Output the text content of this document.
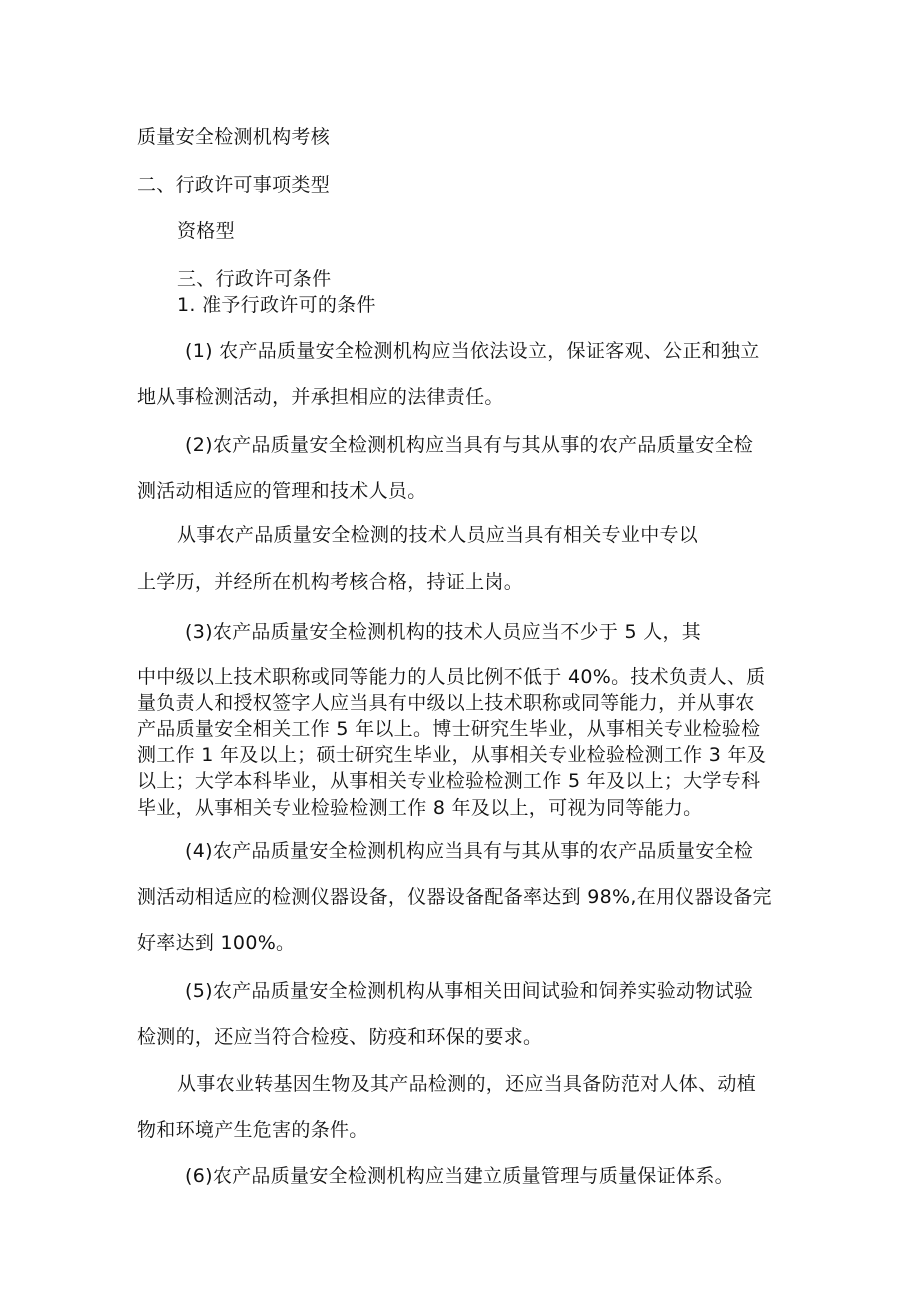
质量安全检测机构考核
二、行政许可事项类型
资格型
三、行政许可条件
1. 准予行政许可的条件
(1) 农产品质量安全检测机构应当依法设立，保证客观、公正和独立
地从事检测活动，并承担相应的法律责任。
(2)农产品质量安全检测机构应当具有与其从事的农产品质量安全检
测活动相适应的管理和技术人员。
从事农产品质量安全检测的技术人员应当具有相关专业中专以
上学历，并经所在机构考核合格，持证上岗。
(3)农产品质量安全检测机构的技术人员应当不少于 5 人，其
中中级以上技术职称或同等能力的人员比例不低于 40%。技术负责人、质
量负责人和授权签字人应当具有中级以上技术职称或同等能力，并从事农
产品质量安全相关工作 5 年以上。博士研究生毕业，从事相关专业检验检
测工作 1 年及以上；硕士研究生毕业，从事相关专业检验检测工作 3 年及
以上；大学本科毕业，从事相关专业检验检测工作 5 年及以上；大学专科
毕业，从事相关专业检验检测工作 8 年及以上，可视为同等能力。
(4)农产品质量安全检测机构应当具有与其从事的农产品质量安全检
测活动相适应的检测仪器设备，仪器设备配备率达到 98%,在用仪器设备完
好率达到 100%。
(5)农产品质量安全检测机构从事相关田间试验和饲养实验动物试验
检测的，还应当符合检疫、防疫和环保的要求。
从事农业转基因生物及其产品检测的，还应当具备防范对人体、动植
物和环境产生危害的条件。
(6)农产品质量安全检测机构应当建立质量管理与质量保证体系。
